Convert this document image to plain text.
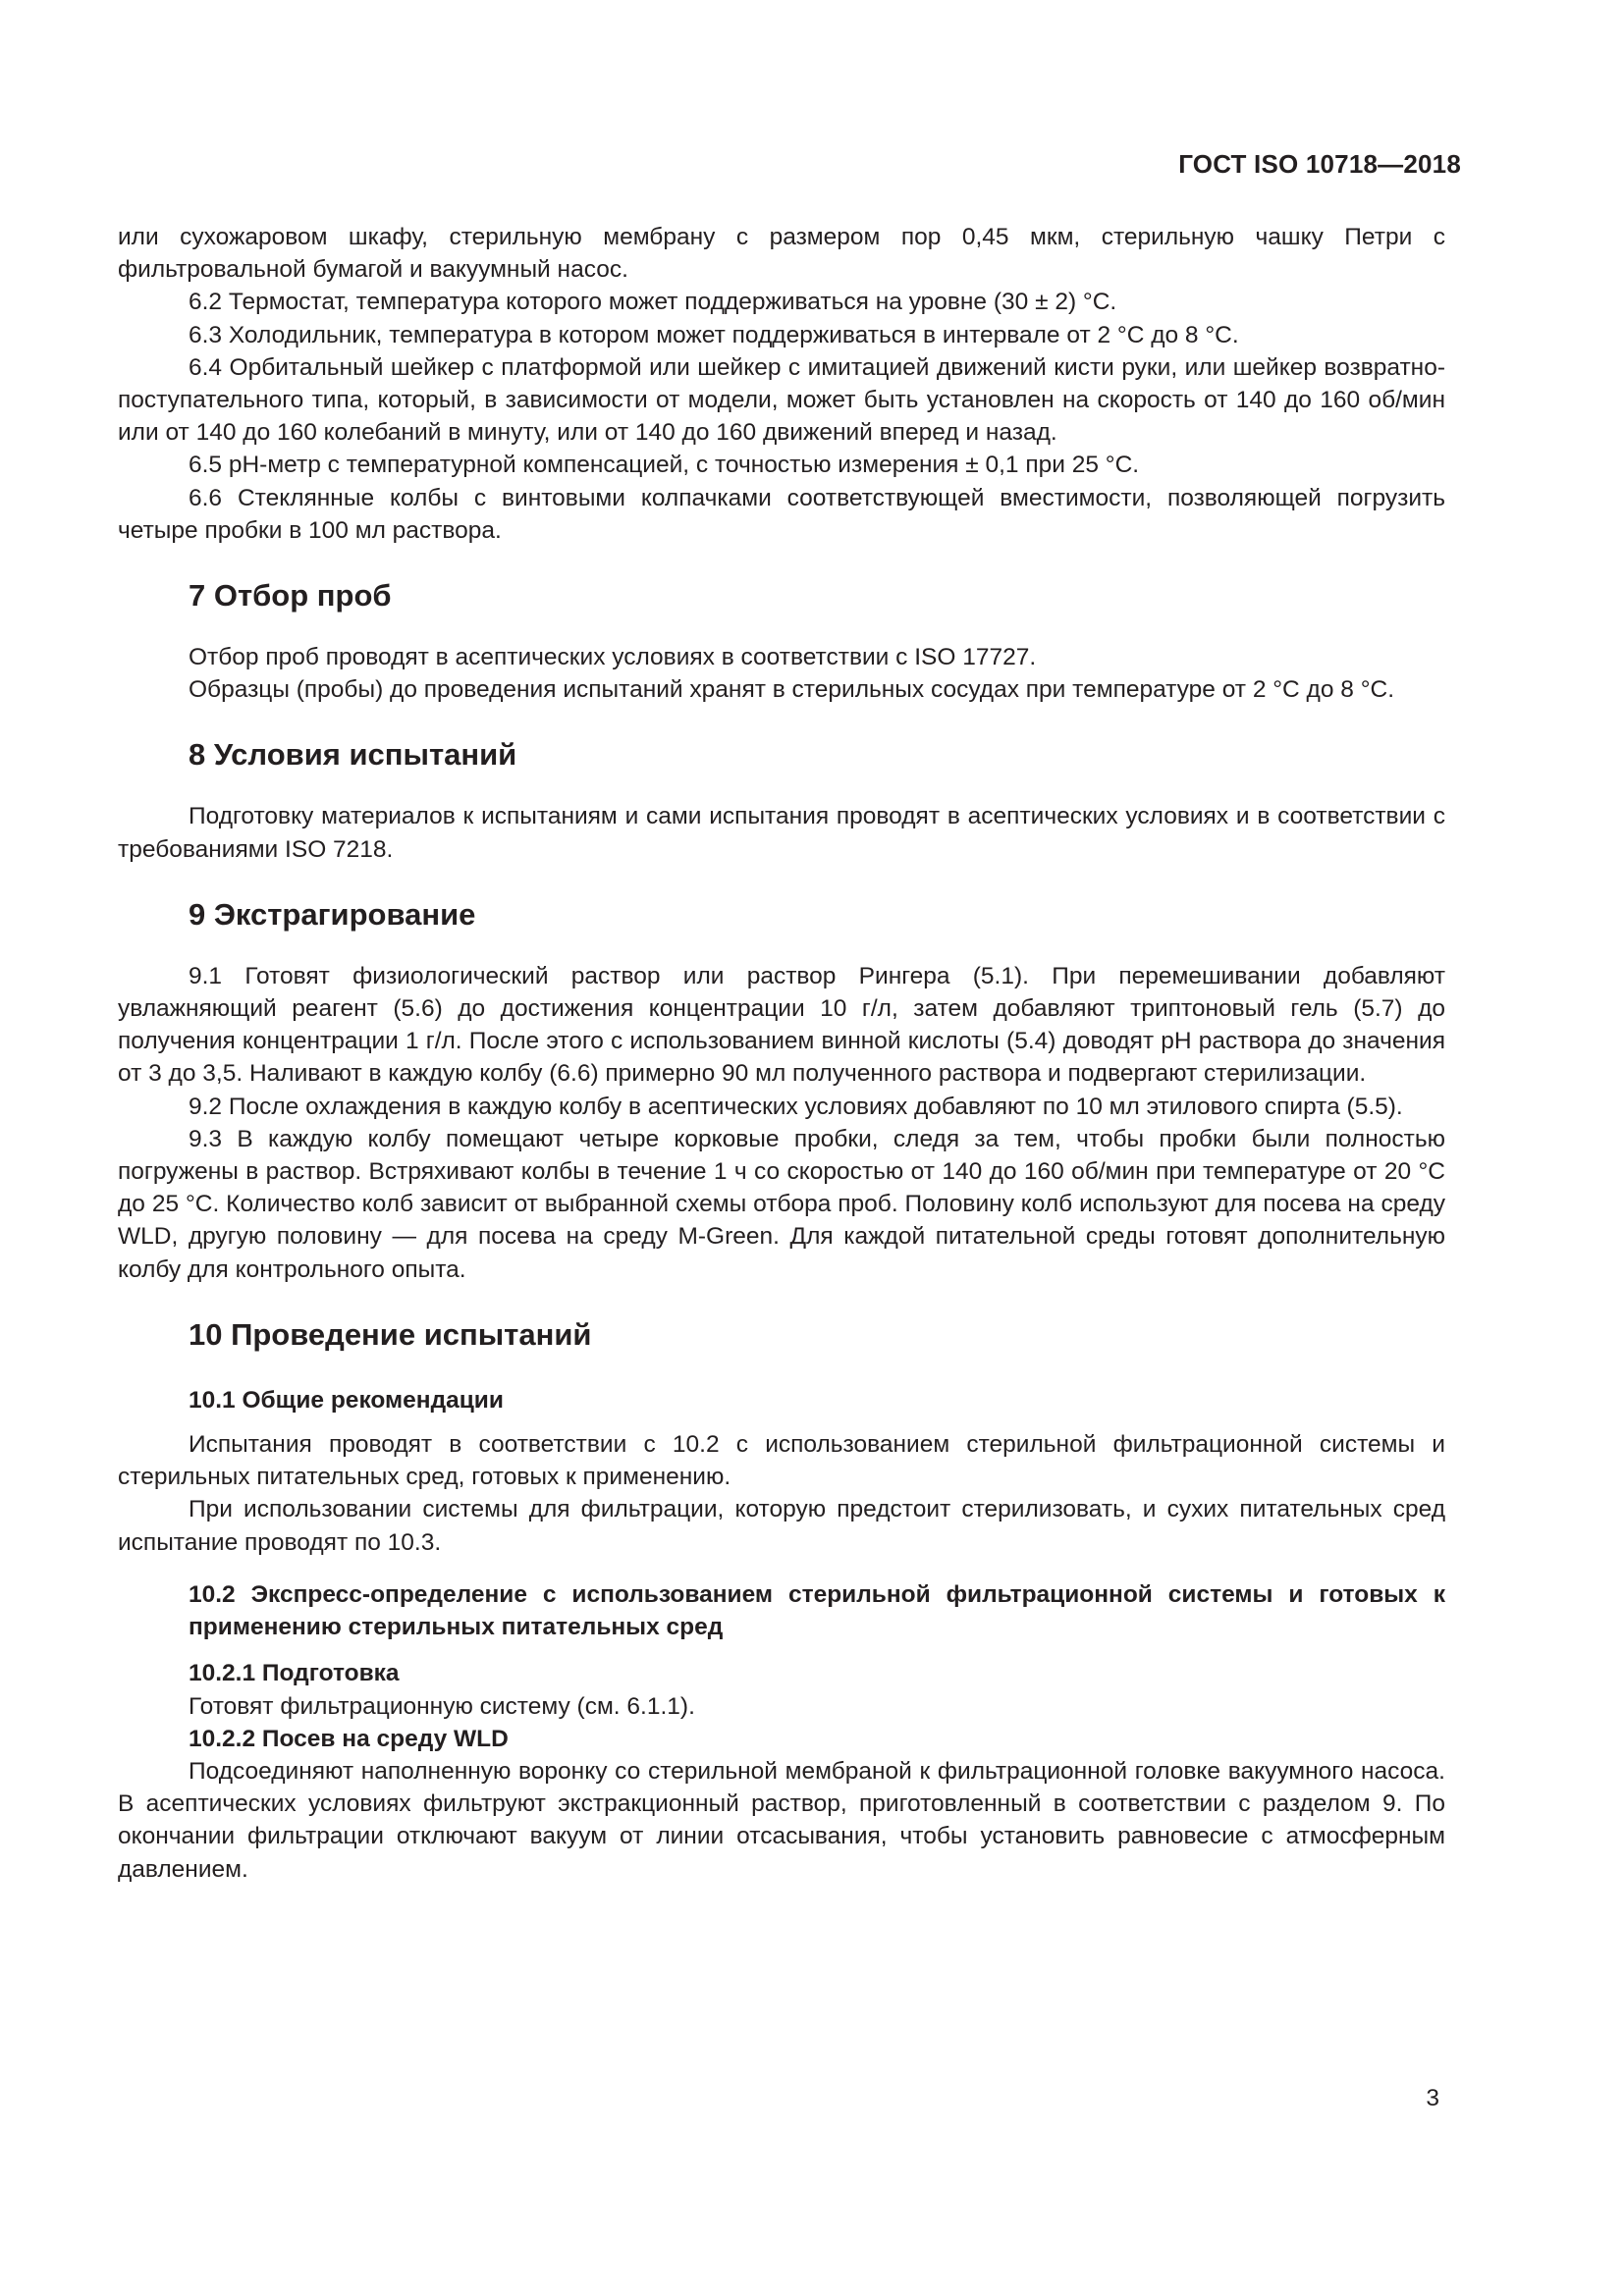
ГОСТ ISO 10718—2018

или сухожаровом шкафу, стерильную мембрану с размером пор 0,45 мкм, стерильную чашку Петри с фильтровальной бумагой и вакуумный насос.

6.2 Термостат, температура которого может поддерживаться на уровне (30 ± 2) °С.

6.3 Холодильник, температура в котором может поддерживаться в интервале от 2 °С до 8 °С.

6.4 Орбитальный шейкер с платформой или шейкер с имитацией движений кисти руки, или шейкер возвратно-поступательного типа, который, в зависимости от модели, может быть установлен на скорость от 140 до 160 об/мин или от 140 до 160 колебаний в минуту, или от 140 до 160 движений вперед и назад.

6.5 рН-метр с температурной компенсацией, с точностью измерения ± 0,1 при 25 °С.

6.6 Стеклянные колбы с винтовыми колпачками соответствующей вместимости, позволяющей погрузить четыре пробки в 100 мл раствора.

7 Отбор проб

Отбор проб проводят в асептических условиях в соответствии с ISO 17727.

Образцы (пробы) до проведения испытаний хранят в стерильных сосудах при температуре от 2 °С до 8 °С.

8 Условия испытаний

Подготовку материалов к испытаниям и сами испытания проводят в асептических условиях и в соответствии с требованиями ISO 7218.

9 Экстрагирование

9.1 Готовят физиологический раствор или раствор Рингера (5.1). При перемешивании добавляют увлажняющий реагент (5.6) до достижения концентрации 10 г/л, затем добавляют триптоновый гель (5.7) до получения концентрации 1 г/л. После этого с использованием винной кислоты (5.4) доводят рН раствора до значения от 3 до 3,5. Наливают в каждую колбу (6.6) примерно 90 мл полученного раствора и подвергают стерилизации.

9.2 После охлаждения в каждую колбу в асептических условиях добавляют по 10 мл этилового спирта (5.5).

9.3 В каждую колбу помещают четыре корковые пробки, следя за тем, чтобы пробки были полностью погружены в раствор. Встряхивают колбы в течение 1 ч со скоростью от 140 до 160 об/мин при температуре от 20 °С до 25 °С. Количество колб зависит от выбранной схемы отбора проб. Половину колб используют для посева на среду WLD, другую половину — для посева на среду M-Green. Для каждой питательной среды готовят дополнительную колбу для контрольного опыта.

10 Проведение испытаний
10.1 Общие рекомендации

Испытания проводят в соответствии с 10.2 с использованием стерильной фильтрационной системы и стерильных питательных сред, готовых к применению.

При использовании системы для фильтрации, которую предстоит стерилизовать, и сухих питательных сред испытание проводят по 10.3.

10.2 Экспресс-определение с использованием стерильной фильтрационной системы и готовых к применению стерильных питательных сред
10.2.1 Подготовка

Готовят фильтрационную систему (см. 6.1.1).

10.2.2 Посев на среду WLD

Подсоединяют наполненную воронку со стерильной мембраной к фильтрационной головке вакуумного насоса. В асептических условиях фильтруют экстракционный раствор, приготовленный в соответствии с разделом 9. По окончании фильтрации отключают вакуум от линии отсасывания, чтобы установить равновесие с атмосферным давлением.

3
